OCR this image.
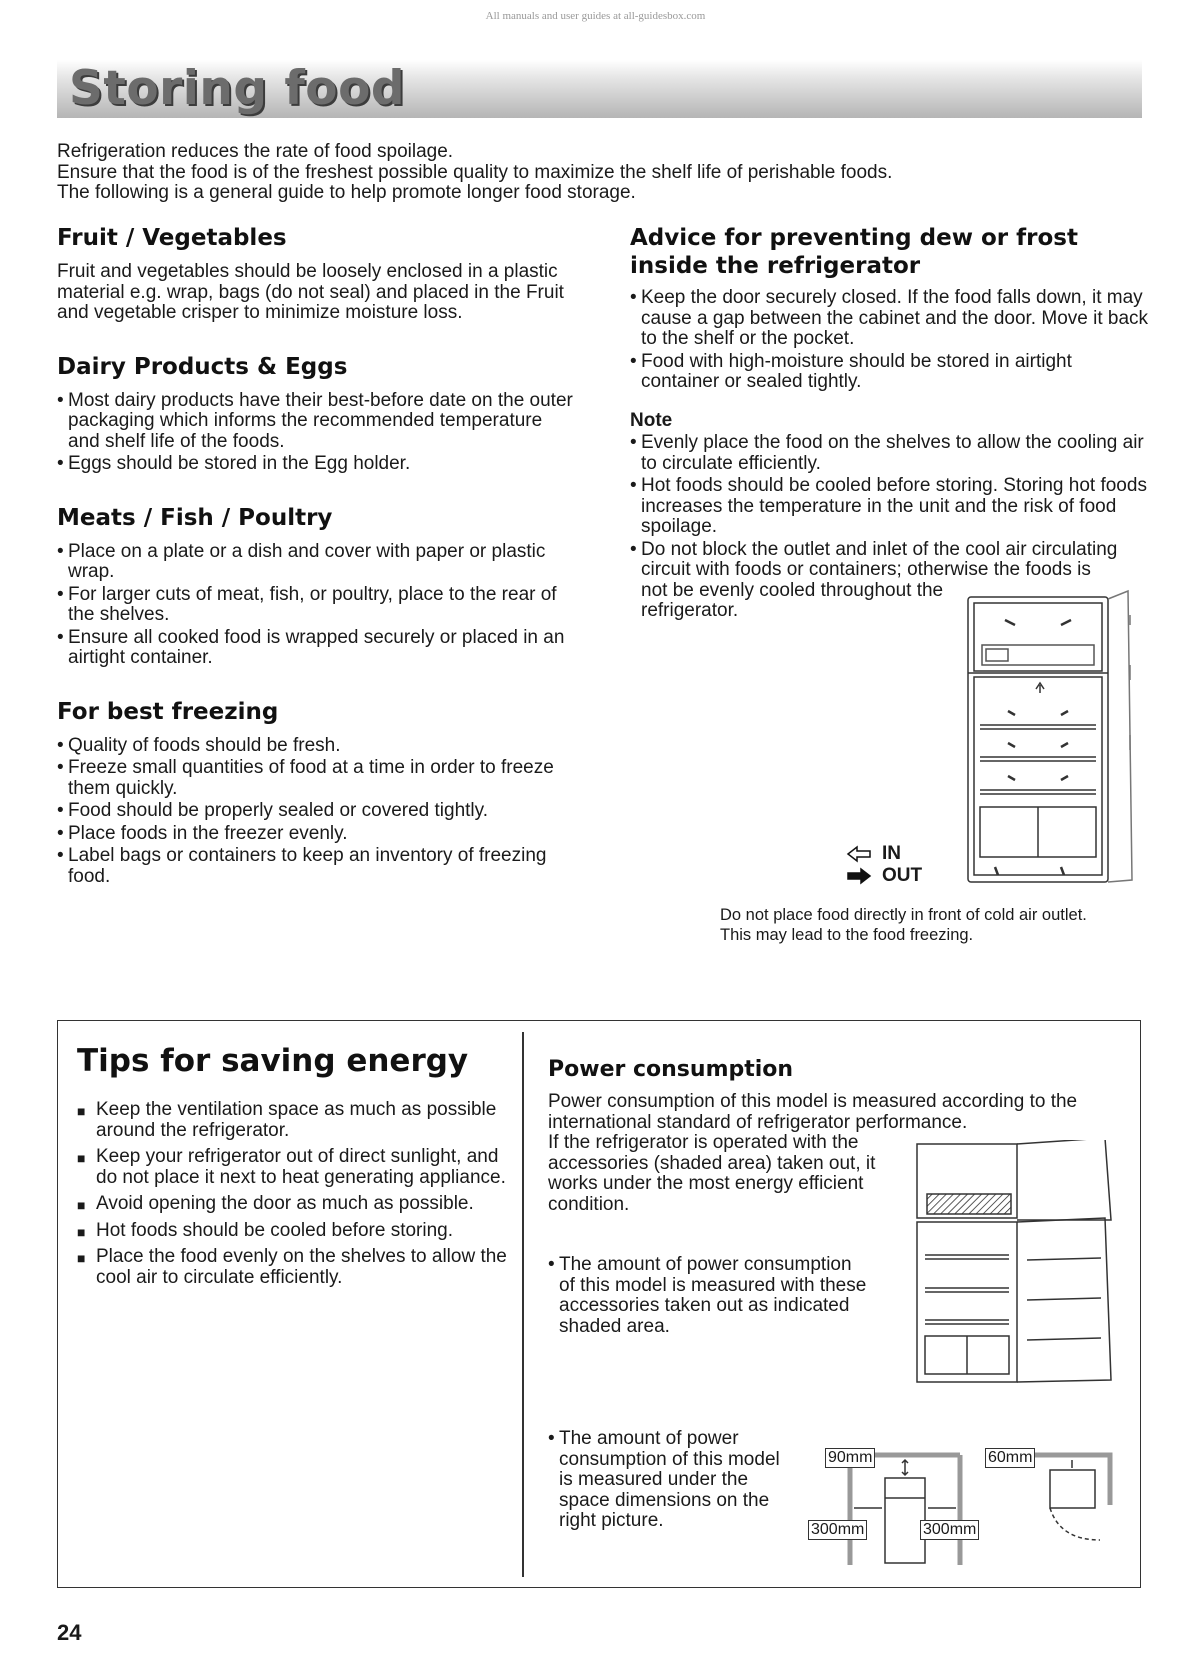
All manuals and user guides at all-guidesbox.com
Storing food

Refrigeration reduces the rate of food spoilage.

Ensure that the food is of the freshest possible quality to maximize the shelf life of perishable foods.

The following is a general guide to help promote longer food storage.

Fruit / Vegetables

Fruit and vegetables should be loosely enclosed in a plastic material e.g. wrap, bags (do not seal) and placed in the Fruit and vegetable crisper to minimize moisture loss.

Dairy Products & Eggs
• Most dairy products have their best-before date on the outer packaging which informs the recommended temperature and shelf life of the foods.
• Eggs should be stored in the Egg holder.
Meats / Fish / Poultry
• Place on a plate or a dish and cover with paper or plastic wrap.
• For larger cuts of meat, fish, or poultry, place to the rear of the shelves.
• Ensure all cooked food is wrapped securely or placed in an airtight container.
For best freezing
• Quality of foods should be fresh.
• Freeze small quantities of food at a time in order to freeze them quickly.
• Food should be properly sealed or covered tightly.
• Place foods in the freezer evenly.
• Label bags or containers to keep an inventory of freezing food.
Advice for preventing dew or frost
inside the refrigerator
• Keep the door securely closed. If the food falls down, it may cause a gap between the cabinet and the door. Move it back to the shelf or the pocket.
• Food with high-moisture should be stored in airtight container or sealed tightly.
Note
• Evenly place the food on the shelves to allow the cooling air to circulate efficiently.
• Hot foods should be cooled before storing. Storing hot foods increases the temperature in the unit and the risk of food spoilage.
• Do not block the outlet and inlet of the cool air circulating
circuit with foods or containers; otherwise the foods is
not be evenly cooled throughout the
refrigerator.
IN
OUT
Do not place food directly in front of cold air outlet.
This may lead to the food freezing.
Tips for saving energy
■ Keep the ventilation space as much as possible around the refrigerator.
■ Keep your refrigerator out of direct sunlight, and do not place it next to heat generating appliance.
■ Avoid opening the door as much as possible.
■ Hot foods should be cooled before storing.
■ Place the food evenly on the shelves to allow the cool air to circulate efficiently.
Power consumption
Power consumption of this model is measured according to the
international standard of refrigerator performance.
If the refrigerator is operated with the
accessories (shaded area) taken out, it
works under the most energy efficient
condition.
• The amount of power consumption of this model is measured with these accessories taken out as indicated shaded area.
• The amount of power consumption of this model is measured under the space dimensions on the right picture.
90mm
300mm	300mm
60mm
24
